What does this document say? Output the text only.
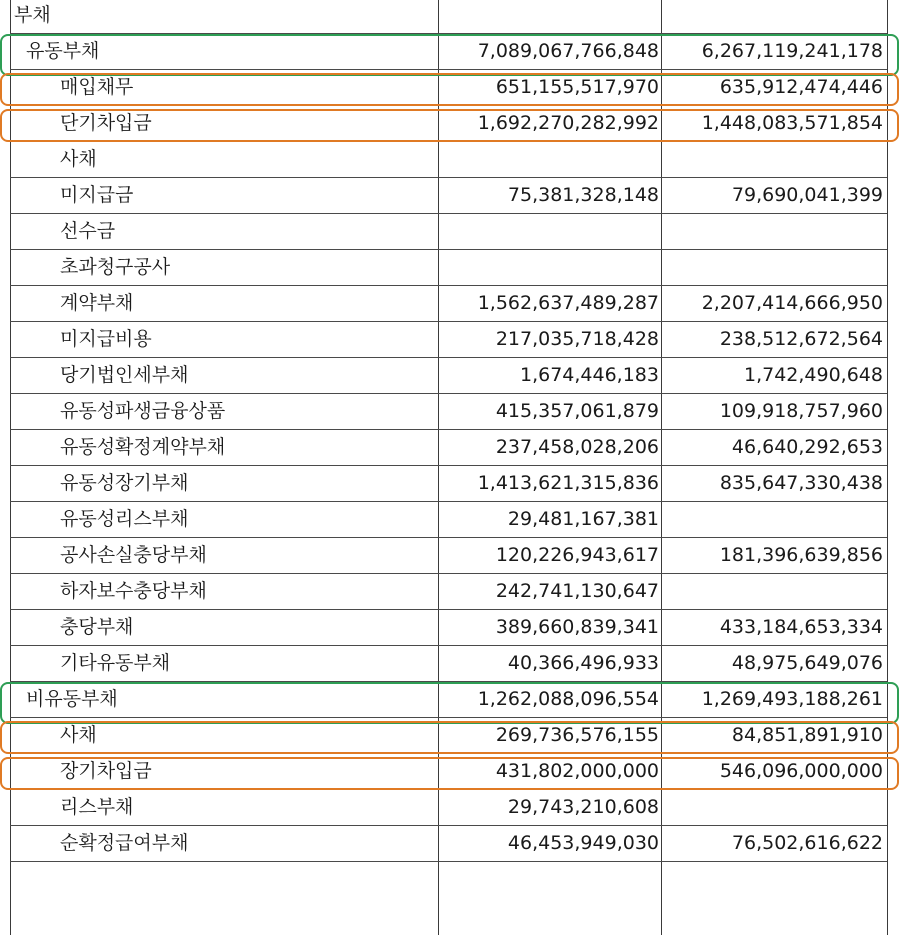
부채
유동부채	7,089,067,766,848	6,267,119,241,178
매입채무	651,155,517,970	635,912,474,446
단기차입금	1,692,270,282,992	1,448,083,571,854
사채
미지급금	75,381,328,148	79,690,041,399
선수금
초과청구공사
계약부채	1,562,637,489,287	2,207,414,666,950
미지급비용	217,035,718,428	238,512,672,564
당기법인세부채	1,674,446,183	1,742,490,648
유동성파생금융상품	415,357,061,879	109,918,757,960
유동성확정계약부채	237,458,028,206	46,640,292,653
유동성장기부채	1,413,621,315,836	835,647,330,438
유동성리스부채	29,481,167,381
공사손실충당부채	120,226,943,617	181,396,639,856
하자보수충당부채	242,741,130,647
충당부채	389,660,839,341	433,184,653,334
기타유동부채	40,366,496,933	48,975,649,076
비유동부채	1,262,088,096,554	1,269,493,188,261
사채	269,736,576,155	84,851,891,910
장기차입금	431,802,000,000	546,096,000,000
리스부채	29,743,210,608
순확정급여부채	46,453,949,030	76,502,616,622
